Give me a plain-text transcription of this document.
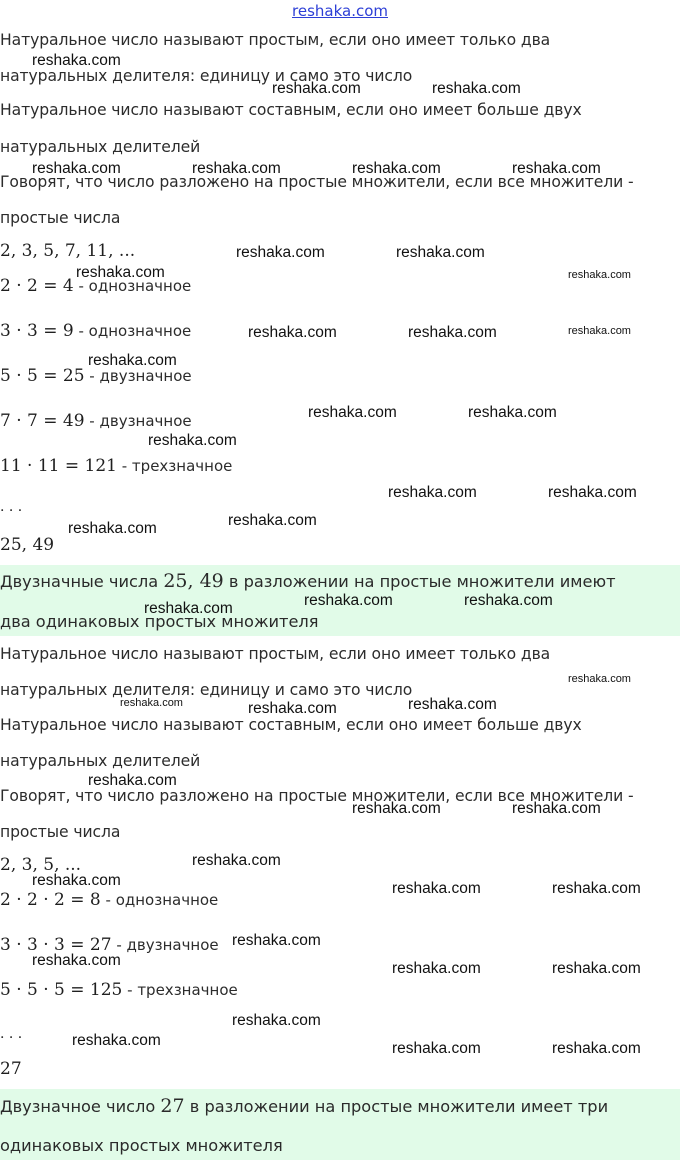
reshaka.com
Натуральное число называют простым, если оно имеет только два
натуральных делителя: единицу и само это число
Натуральное число называют составным, если оно имеет больше двух
натуральных делителей
Говорят, что число разложено на простые множители, если все множители -
простые числа
2, 3, 5, 7, 11, ...
2 · 2 = 4 - однозначное
3 · 3 = 9 - однозначное
5 · 5 = 25 - двузначное
7 · 7 = 49 - двузначное
11 · 11 = 121 - трехзначное
· · ·
25, 49
Двузначные числа 25, 49 в разложении на простые множители имеют
два одинаковых простых множителя
Натуральное число называют простым, если оно имеет только два
натуральных делителя: единицу и само это число
Натуральное число называют составным, если оно имеет больше двух
натуральных делителей
Говорят, что число разложено на простые множители, если все множители -
простые числа
2, 3, 5, ...
2 · 2 · 2 = 8 - однозначное
3 · 3 · 3 = 27 - двузначное
5 · 5 · 5 = 125 - трехзначное
· · ·
27
Двузначное число 27 в разложении на простые множители имеет три
одинаковых простых множителя
reshaka.com
reshaka.com	reshaka.com
reshaka.com	reshaka.com	reshaka.com	reshaka.com
reshaka.com	reshaka.com
reshaka.com	reshaka.com
reshaka.com	reshaka.com	reshaka.com
reshaka.com
reshaka.com	reshaka.com
reshaka.com
reshaka.com	reshaka.com
reshaka.com
reshaka.com
reshaka.com	reshaka.com
reshaka.com
reshaka.com
reshaka.com	reshaka.com
reshaka.com
reshaka.com
reshaka.com	reshaka.com
reshaka.com
reshaka.com	reshaka.com	reshaka.com
reshaka.com
reshaka.com	reshaka.com	reshaka.com
reshaka.com
reshaka.com	reshaka.com	reshaka.com
